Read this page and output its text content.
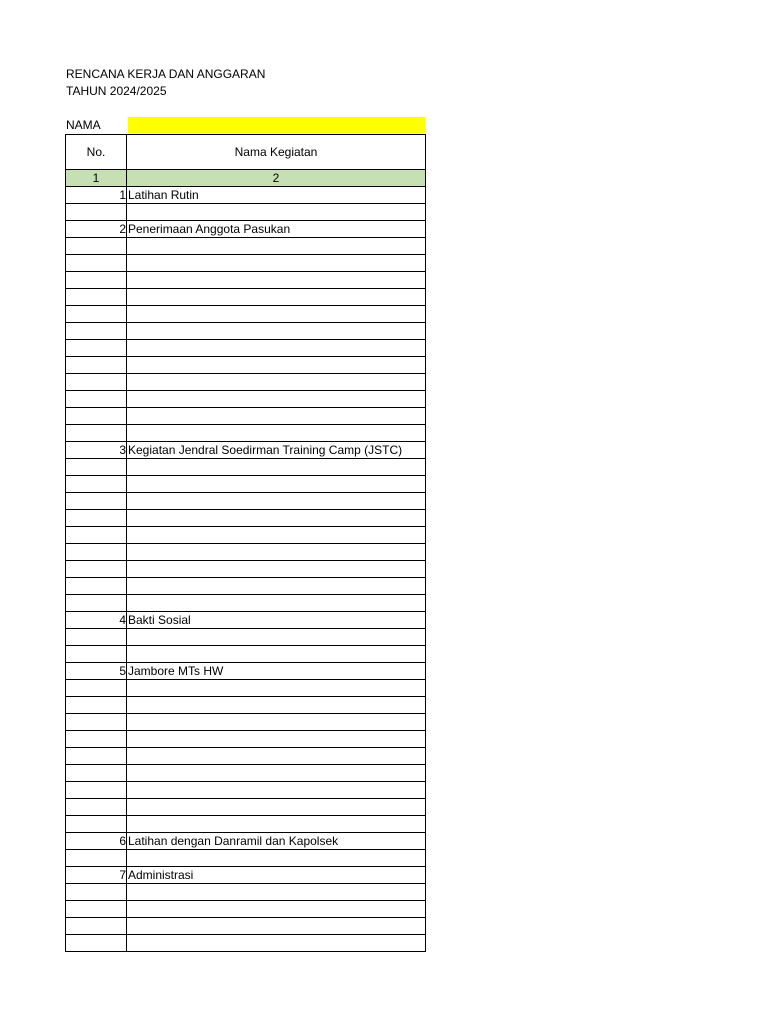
RENCANA KERJA DAN ANGGARAN
TAHUN 2024/2025
NAMA
No.	Nama Kegiatan
1	2
1	Latihan Rutin

2	Penerimaan Anggota Pasukan

3	Kegiatan Jendral Soedirman Training Camp (JSTC)

4	Bakti Sosial

5	Jambore MTs HW

6	Latihan dengan Danramil dan Kapolsek

7	Administrasi
